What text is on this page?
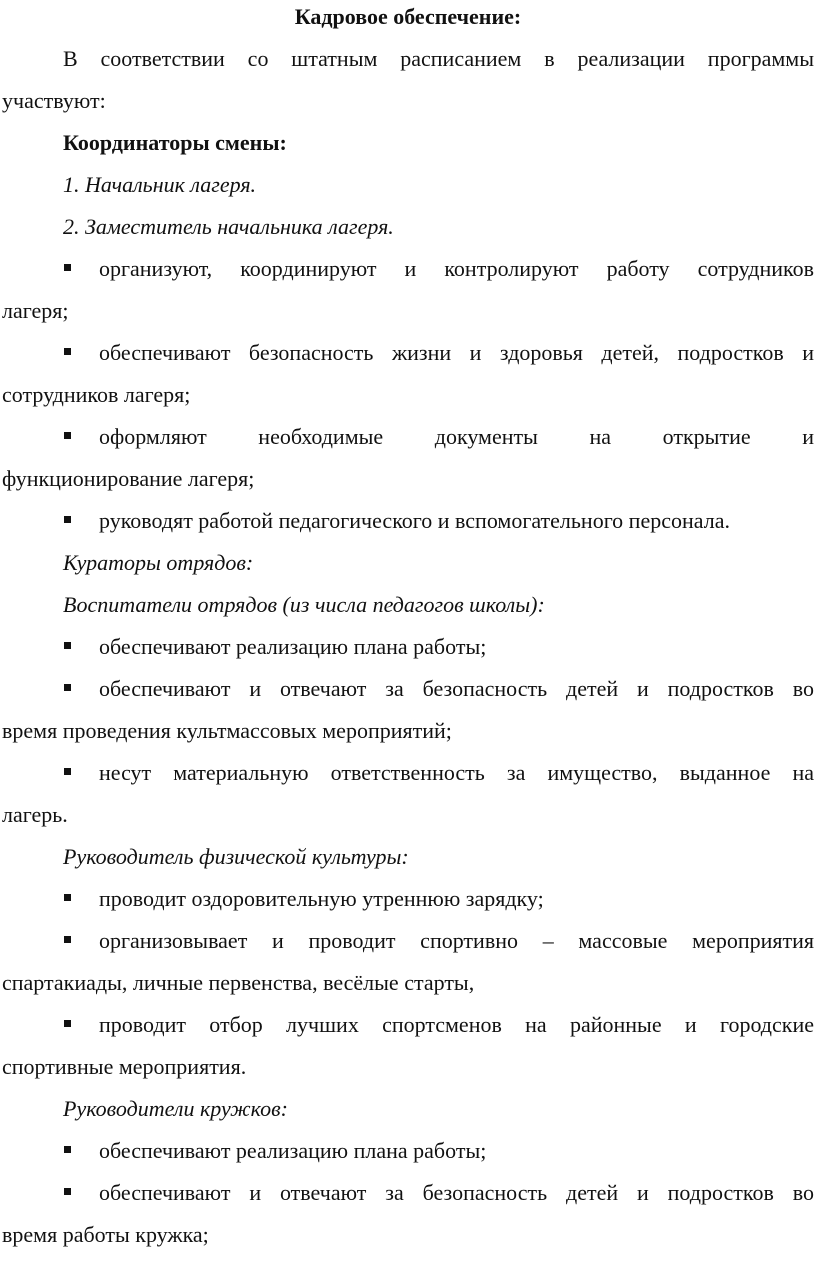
Кадровое обеспечение:

В соответствии со штатным расписанием в реализации программы

участвуют:

Координаторы смены:

1. Начальник лагеря.

2. Заместитель начальника лагеря.

организуют, координируют и контролируют работу сотрудников

лагеря;

обеспечивают безопасность жизни и здоровья детей, подростков и

сотрудников лагеря;

оформляют необходимые документы на открытие и

функционирование лагеря;

руководят работой педагогического и вспомогательного персонала.

Кураторы отрядов:

Воспитатели отрядов (из числа педагогов школы):

обеспечивают реализацию плана работы;

обеспечивают и отвечают за безопасность детей и подростков во

время проведения культмассовых мероприятий;

несут материальную ответственность за имущество, выданное на

лагерь.

Руководитель физической культуры:

проводит оздоровительную утреннюю зарядку;

организовывает и проводит спортивно – массовые мероприятия

спартакиады, личные первенства, весёлые старты,

проводит отбор лучших спортсменов на районные и городские

спортивные мероприятия.

Руководители кружков:

обеспечивают реализацию плана работы;

обеспечивают и отвечают за безопасность детей и подростков во

время работы кружка;
